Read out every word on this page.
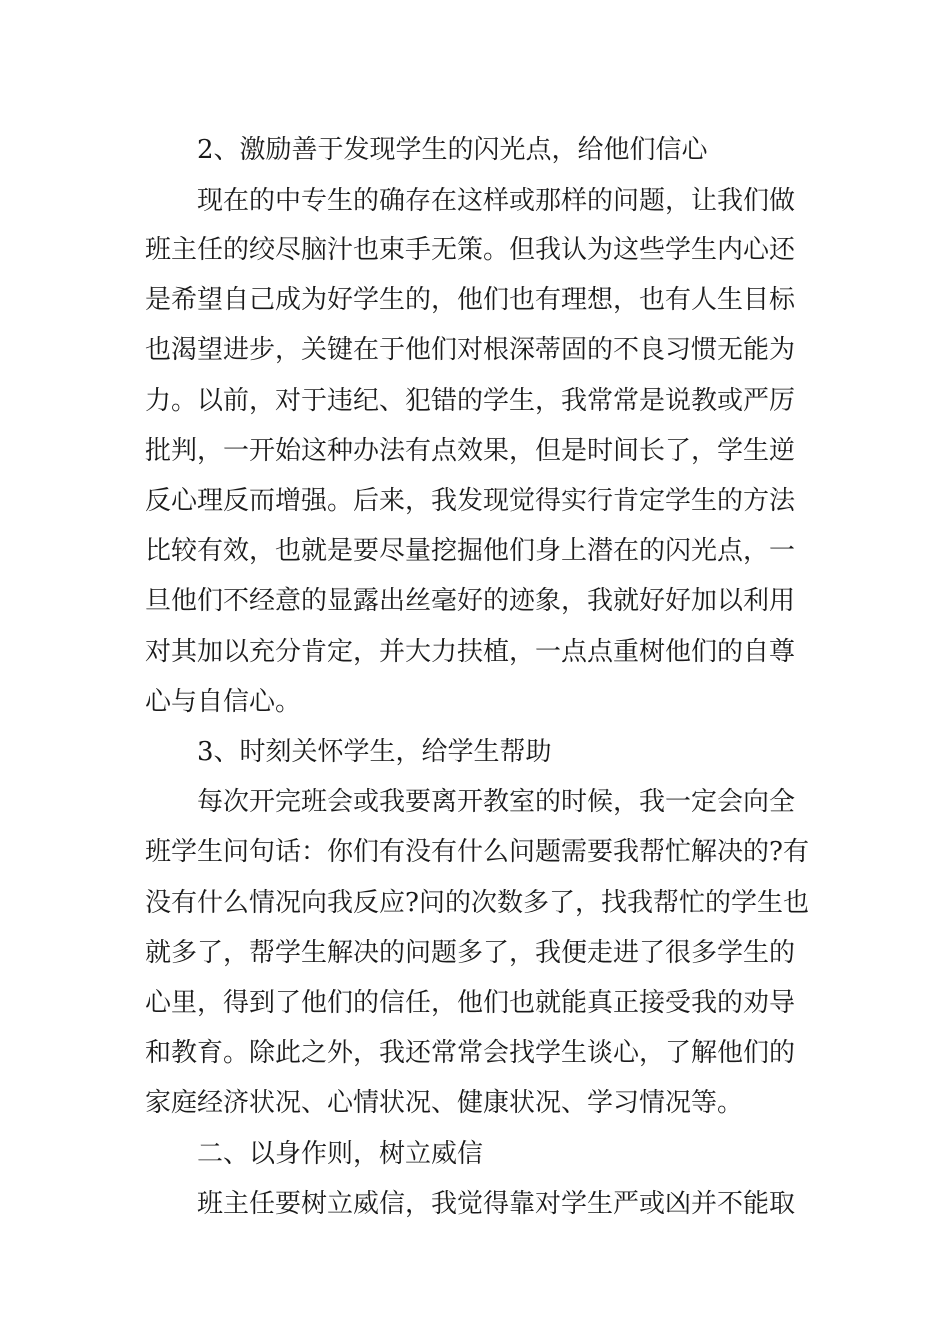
2、激励善于发现学生的闪光点，给他们信心
现在的中专生的确存在这样或那样的问题，让我们做
班主任的绞尽脑汁也束手无策。但我认为这些学生内心还
是希望自己成为好学生的，他们也有理想，也有人生目标
也渴望进步，关键在于他们对根深蒂固的不良习惯无能为
力。以前，对于违纪、犯错的学生，我常常是说教或严厉
批判，一开始这种办法有点效果，但是时间长了，学生逆
反心理反而增强。后来，我发现觉得实行肯定学生的方法
比较有效，也就是要尽量挖掘他们身上潜在的闪光点，一
旦他们不经意的显露出丝毫好的迹象，我就好好加以利用
对其加以充分肯定，并大力扶植，一点点重树他们的自尊
心与自信心。
3、时刻关怀学生，给学生帮助
每次开完班会或我要离开教室的时候，我一定会向全
班学生问句话：你们有没有什么问题需要我帮忙解决的?有
没有什么情况向我反应?问的次数多了，找我帮忙的学生也
就多了，帮学生解决的问题多了，我便走进了很多学生的
心里，得到了他们的信任，他们也就能真正接受我的劝导
和教育。除此之外，我还常常会找学生谈心，了解他们的
家庭经济状况、心情状况、健康状况、学习情况等。
二、以身作则，树立威信
班主任要树立威信，我觉得靠对学生严或凶并不能取
